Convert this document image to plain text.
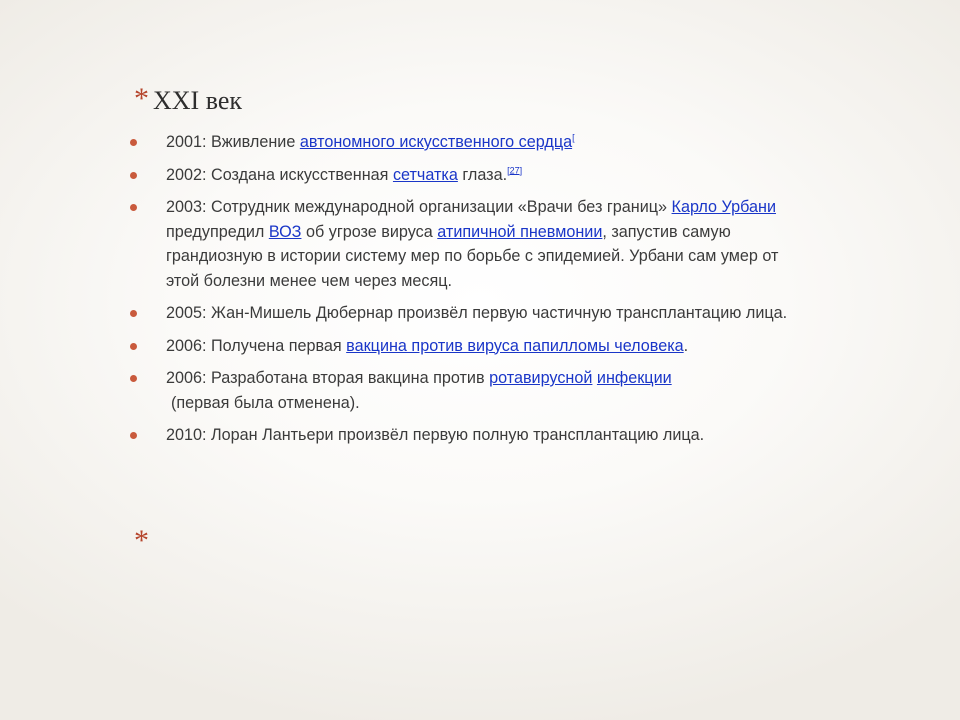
* XXI век
2001: Вживление автономного искусственного сердца[
2002: Создана искусственная сетчатка глаза.[27]
2003: Сотрудник международной организации «Врачи без границ» Карло Урбани предупредил ВОЗ об угрозе вируса атипичной пневмонии, запустив самую грандиозную в истории систему мер по борьбе с эпидемией. Урбани сам умер от этой болезни менее чем через месяц.
2005: Жан-Мишель Дюбернар произвёл первую частичную трансплантацию лица.
2006: Получена первая вакцина против вируса папилломы человека.
2006: Разработана вторая вакцина против ротавирусной инфекции
(первая была отменена).
2010: Лоран Лантьери произвёл первую полную трансплантацию лица.
*
